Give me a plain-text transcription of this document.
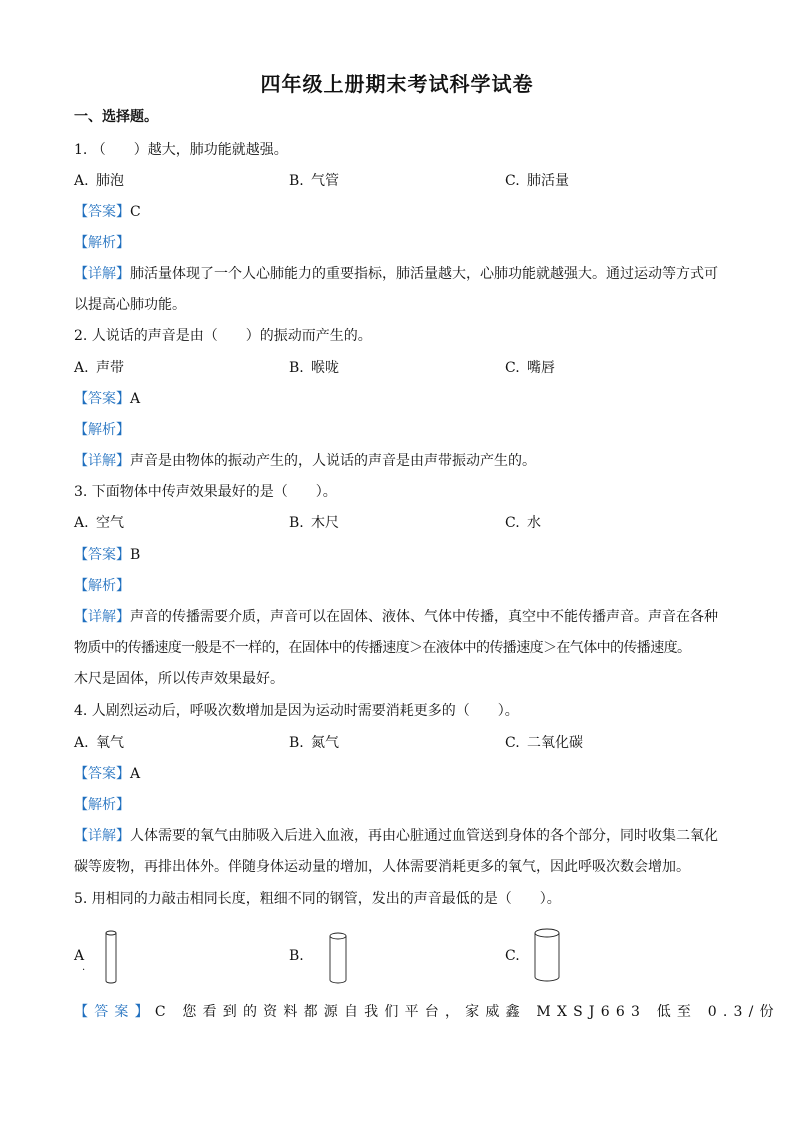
四年级上册期末考试科学试卷
一、选择题。
1. （　　）越大，肺功能就越强。
A. 肺泡	B. 气管	C. 肺活量
【答案】C
【解析】
【详解】肺活量体现了一个人心肺能力的重要指标，肺活量越大，心肺功能就越强大。通过运动等方式可
以提高心肺功能。
2. 人说话的声音是由（　　）的振动而产生的。
A. 声带	B. 喉咙	C. 嘴唇
【答案】A
【解析】
【详解】声音是由物体的振动产生的，人说话的声音是由声带振动产生的。
3. 下面物体中传声效果最好的是（　　）。
A. 空气	B. 木尺	C. 水
【答案】B
【解析】
【详解】声音的传播需要介质，声音可以在固体、液体、气体中传播，真空中不能传播声音。声音在各种
物质中的传播速度一般是不一样的，在固体中的传播速度＞在液体中的传播速度＞在气体中的传播速度。
木尺是固体，所以传声效果最好。
4. 人剧烈运动后，呼吸次数增加是因为运动时需要消耗更多的（　　）。
A. 氧气	B. 氮气	C. 二氧化碳
【答案】A
【解析】
【详解】人体需要的氧气由肺吸入后进入血液，再由心脏通过血管送到身体的各个部分，同时收集二氧化
碳等废物，再排出体外。伴随身体运动量的增加，人体需要消耗更多的氧气，因此呼吸次数会增加。
5. 用相同的力敲击相同长度，粗细不同的钢管，发出的声音最低的是（　　）。
A
.
B.	C.
【答案】C 您看到的资料都源自我们平台，家威鑫 MXSJ663 低至 0.3/份
